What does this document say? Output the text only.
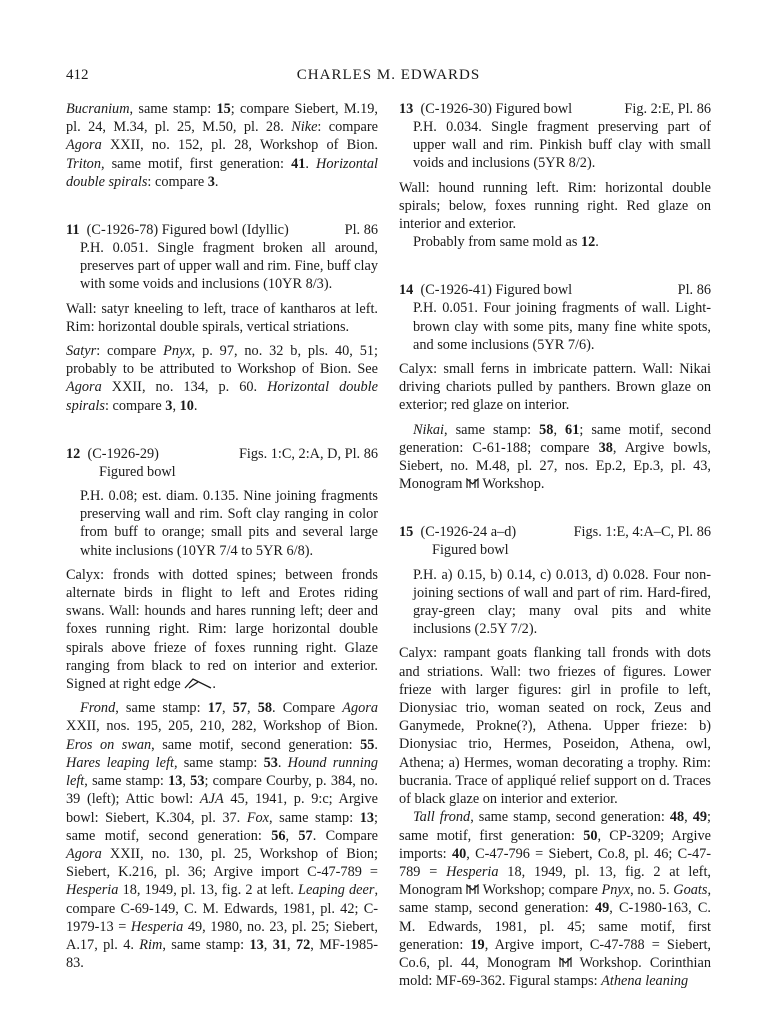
412	CHARLES M. EDWARDS

Bucranium, same stamp: 15; compare Siebert, M.19, pl. 24, M.34, pl. 25, M.50, pl. 28. Nike: compare Agora XXII, no. 152, pl. 28, Workshop of Bion. Triton, same motif, first generation: 41. Horizontal double spirals: compare 3.

11 (C-1926-78) Figured bowl (Idyllic)	Pl. 86

P.H. 0.051. Single fragment broken all around, preserves part of upper wall and rim. Fine, buff clay with some voids and inclusions (10YR 8/3).

Wall: satyr kneeling to left, trace of kantharos at left. Rim: horizontal double spirals, vertical striations.

Satyr: compare Pnyx, p. 97, no. 32 b, pls. 40, 51; probably to be attributed to Workshop of Bion. See Agora XXII, no. 134, p. 60. Horizontal double spirals: compare 3, 10.

12 (C-1926-29)	Figs. 1:C, 2:A, D, Pl. 86
Figured bowl

P.H. 0.08; est. diam. 0.135. Nine joining fragments preserving wall and rim. Soft clay ranging in color from buff to orange; small pits and several large white inclusions (10YR 7/4 to 5YR 6/8).

Calyx: fronds with dotted spines; between fronds alternate birds in flight to left and Erotes riding swans. Wall: hounds and hares running left; deer and foxes running right. Rim: large horizontal double spirals above frieze of foxes running right. Glaze ranging from black to red on interior and exterior. Signed at right edge .

Frond, same stamp: 17, 57, 58. Compare Agora XXII, nos. 195, 205, 210, 282, Workshop of Bion. Eros on swan, same motif, second generation: 55. Hares leaping left, same stamp: 53. Hound running left, same stamp: 13, 53; compare Courby, p. 384, no. 39 (left); Attic bowl: AJA 45, 1941, p. 9:c; Argive bowl: Siebert, K.304, pl. 37. Fox, same stamp: 13; same motif, second generation: 56, 57. Compare Agora XXII, no. 130, pl. 25, Workshop of Bion; Siebert, K.216, pl. 36; Argive import C-47-789 = Hesperia 18, 1949, pl. 13, fig. 2 at left. Leaping deer, compare C-69-149, C. M. Edwards, 1981, pl. 42; C-1979-13 = Hesperia 49, 1980, no. 23, pl. 25; Siebert, A.17, pl. 4. Rim, same stamp: 13, 31, 72, MF-1985-83.

13 (C-1926-30) Figured bowl	Fig. 2:E, Pl. 86

P.H. 0.034. Single fragment preserving part of upper wall and rim. Pinkish buff clay with small voids and inclusions (5YR 8/2).

Wall: hound running left. Rim: horizontal double spirals; below, foxes running right. Red glaze on interior and exterior.

Probably from same mold as 12.

14 (C-1926-41) Figured bowl	Pl. 86

P.H. 0.051. Four joining fragments of wall. Light-brown clay with some pits, many fine white spots, and some inclusions (5YR 7/6).

Calyx: small ferns in imbricate pattern. Wall: Nikai driving chariots pulled by panthers. Brown glaze on exterior; red glaze on interior.

Nikai, same stamp: 58, 61; same motif, second generation: C-61-188; compare 38, Argive bowls, Siebert, no. M.48, pl. 27, nos. Ep.2, Ep.3, pl. 43, Monogram  Workshop.

15 (C-1926-24 a–d)	Figs. 1:E, 4:A–C, Pl. 86
Figured bowl

P.H. a) 0.15, b) 0.14, c) 0.013, d) 0.028. Four non-joining sections of wall and part of rim. Hard-fired, gray-green clay; many oval pits and white inclusions (2.5Y 7/2).

Calyx: rampant goats flanking tall fronds with dots and striations. Wall: two friezes of figures. Lower frieze with larger figures: girl in profile to left, Dionysiac trio, woman seated on rock, Zeus and Ganymede, Prokne(?), Athena. Upper frieze: b) Dionysiac trio, Hermes, Poseidon, Athena, owl, Athena; a) Hermes, woman decorating a trophy. Rim: bucrania. Trace of appliqué relief support on d. Traces of black glaze on interior and exterior.

Tall frond, same stamp, second generation: 48, 49; same motif, first generation: 50, CP-3209; Argive imports: 40, C-47-796 = Siebert, Co.8, pl. 46; C-47-789 = Hesperia 18, 1949, pl. 13, fig. 2 at left, Monogram  Workshop; compare Pnyx, no. 5. Goats, same stamp, second generation: 49, C-1980-163, C. M. Edwards, 1981, pl. 45; same motif, first generation: 19, Argive import, C-47-788 = Siebert, Co.6, pl. 44, Monogram  Workshop. Corinthian mold: MF-69-362. Figural stamps: Athena leaning
